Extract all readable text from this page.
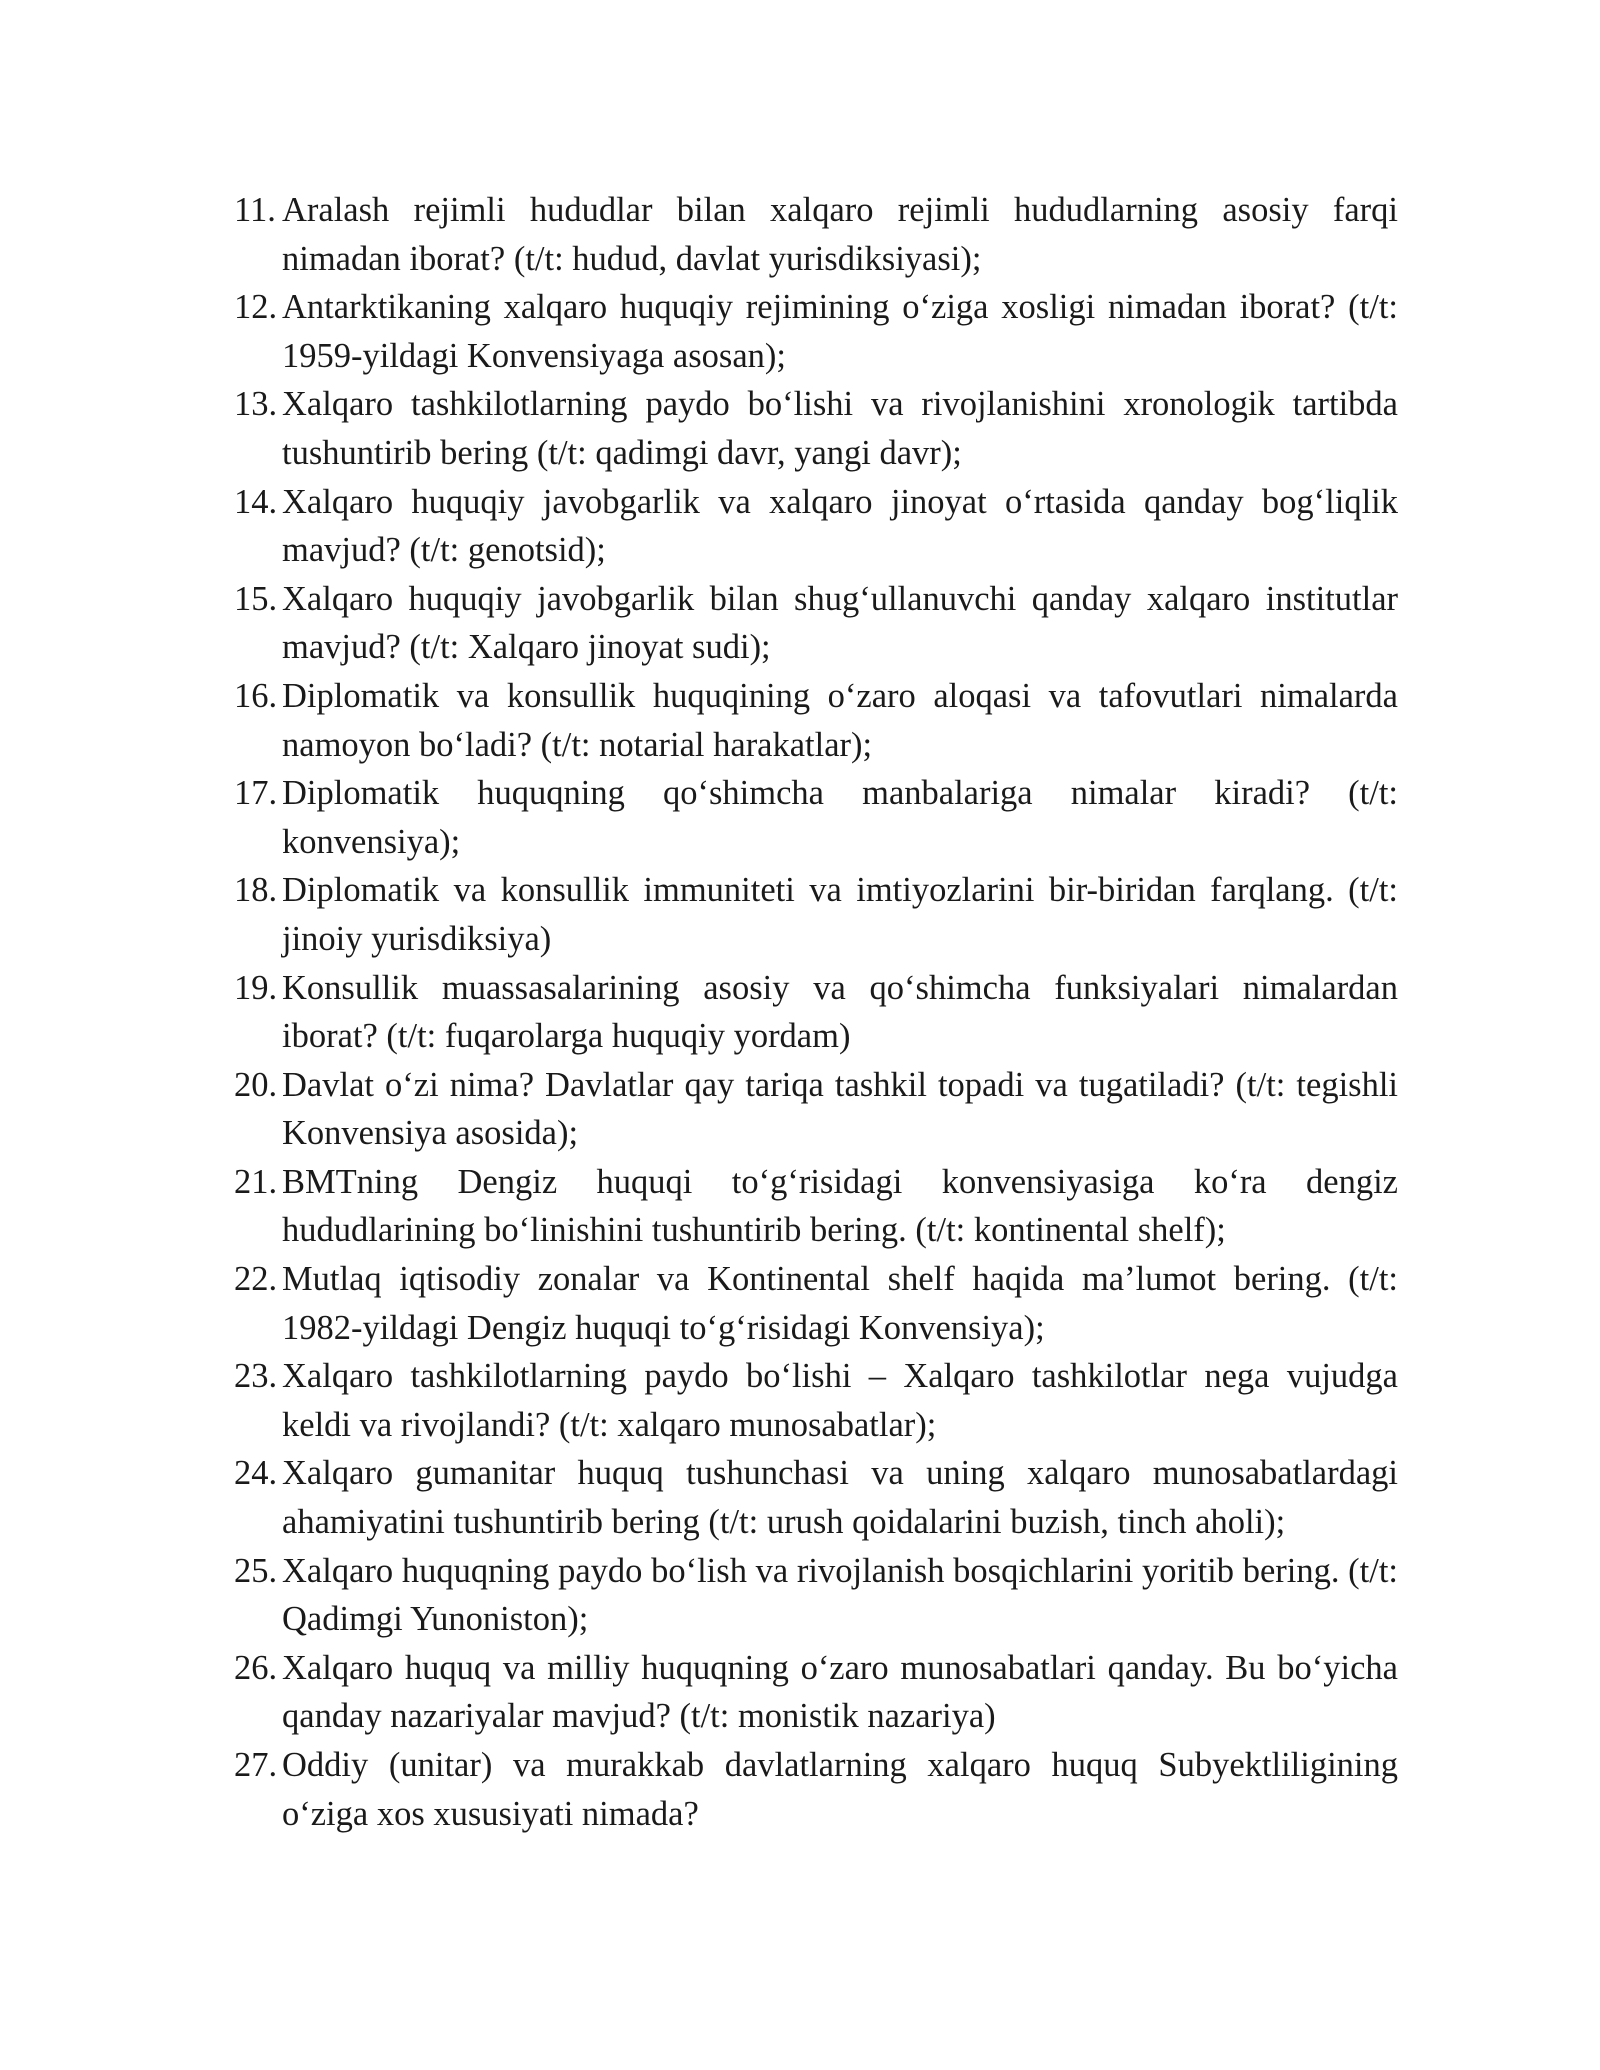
11. Aralash rejimli hududlar bilan xalqaro rejimli hududlarning asosiy farqi nimadan iborat? (t/t: hudud, davlat yurisdiksiyasi);
12. Antarktikaning xalqaro huquqiy rejimining o‘ziga xosligi nimadan iborat? (t/t: 1959-yildagi Konvensiyaga asosan);
13. Xalqaro tashkilotlarning paydo bo‘lishi va rivojlanishini xronologik tartibda tushuntirib bering (t/t: qadimgi davr, yangi davr);
14. Xalqaro huquqiy javobgarlik va xalqaro jinoyat o‘rtasida qanday bog‘liqlik mavjud? (t/t: genotsid);
15. Xalqaro huquqiy javobgarlik bilan shug‘ullanuvchi qanday xalqaro institutlar mavjud? (t/t: Xalqaro jinoyat sudi);
16. Diplomatik va konsullik huquqining o‘zaro aloqasi va tafovutlari nimalarda namoyon bo‘ladi? (t/t: notarial harakatlar);
17. Diplomatik huquqning qo‘shimcha manbalariga nimalar kiradi? (t/t: konvensiya);
18. Diplomatik va konsullik immuniteti va imtiyozlarini bir-biridan farqlang. (t/t: jinoiy yurisdiksiya)
19. Konsullik muassasalarining asosiy va qo‘shimcha funksiyalari nimalardan iborat? (t/t: fuqarolarga huquqiy yordam)
20. Davlat o‘zi nima? Davlatlar qay tariqa tashkil topadi va tugatiladi? (t/t: tegishli Konvensiya asosida);
21. BMTning Dengiz huquqi to‘g‘risidagi konvensiyasiga ko‘ra dengiz hududlarining bo‘linishini tushuntirib bering. (t/t: kontinental shelf);
22. Mutlaq iqtisodiy zonalar va Kontinental shelf haqida ma’lumot bering. (t/t: 1982-yildagi Dengiz huquqi to‘g‘risidagi Konvensiya);
23. Xalqaro tashkilotlarning paydo bo‘lishi – Xalqaro tashkilotlar nega vujudga keldi va rivojlandi? (t/t: xalqaro munosabatlar);
24. Xalqaro gumanitar huquq tushunchasi va uning xalqaro munosabatlardagi ahamiyatini tushuntirib bering (t/t: urush qoidalarini buzish, tinch aholi);
25. Xalqaro huquqning paydo bo‘lish va rivojlanish bosqichlarini yoritib bering. (t/t: Qadimgi Yunoniston);
26. Xalqaro huquq va milliy huquqning o‘zaro munosabatlari qanday. Bu bo‘yicha qanday nazariyalar mavjud? (t/t: monistik nazariya)
27. Oddiy (unitar) va murakkab davlatlarning xalqaro huquq Subyektliligining o‘ziga xos xususiyati nimada?
